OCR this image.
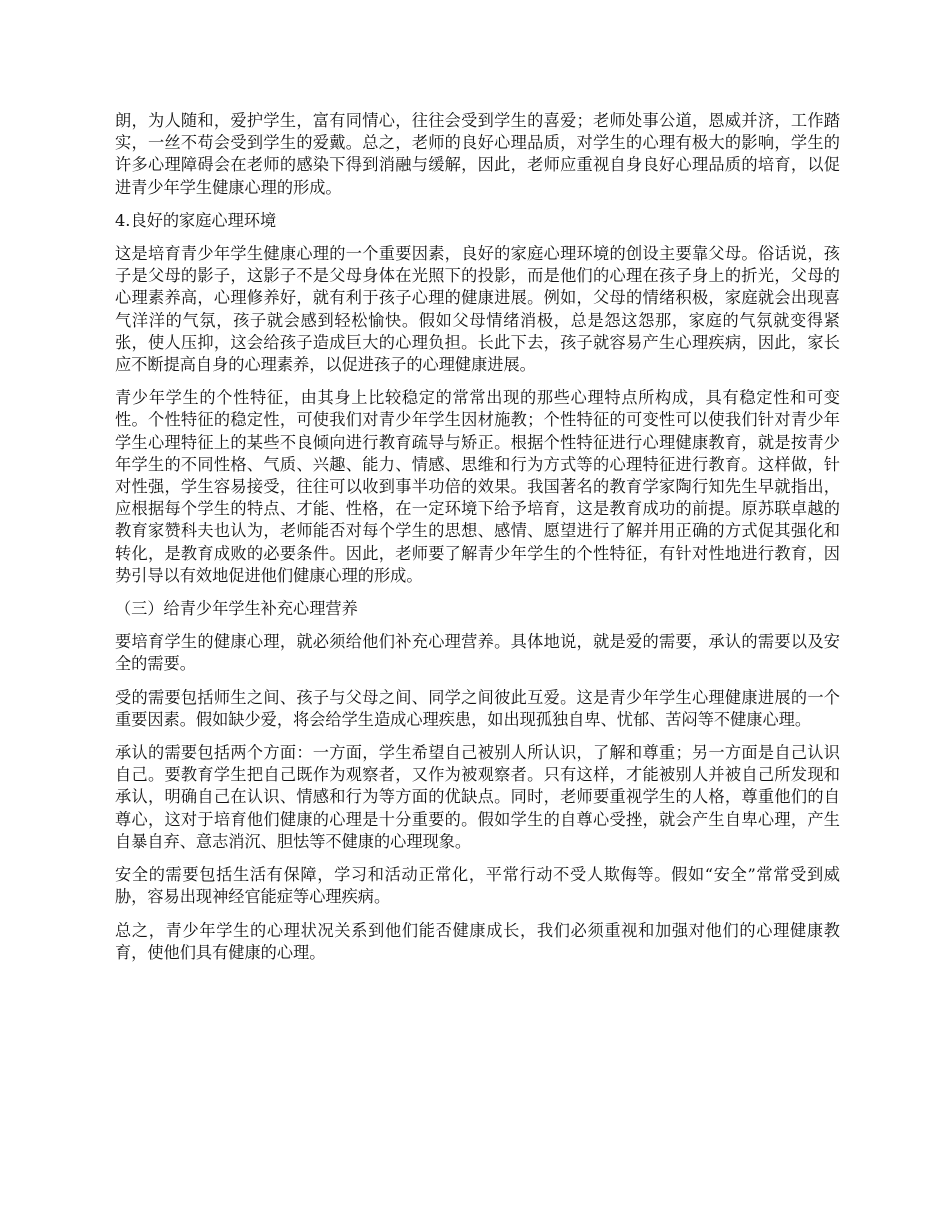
朗，为人随和，爱护学生，富有同情心，往往会受到学生的喜爱；老师处事公道，恩威并济，工作踏实，一丝不苟会受到学生的爱戴。总之，老师的良好心理品质，对学生的心理有极大的影响，学生的许多心理障碍会在老师的感染下得到消融与缓解，因此，老师应重视自身良好心理品质的培育，以促进青少年学生健康心理的形成。

4.良好的家庭心理环境

这是培育青少年学生健康心理的一个重要因素，良好的家庭心理环境的创设主要靠父母。俗话说，孩子是父母的影子，这影子不是父母身体在光照下的投影，而是他们的心理在孩子身上的折光，父母的心理素养高，心理修养好，就有利于孩子心理的健康进展。例如，父母的情绪积极，家庭就会出现喜气洋洋的气氛，孩子就会感到轻松愉快。假如父母情绪消极，总是怨这怨那，家庭的气氛就变得紧张，使人压抑，这会给孩子造成巨大的心理负担。长此下去，孩子就容易产生心理疾病，因此，家长应不断提高自身的心理素养，以促进孩子的心理健康进展。

青少年学生的个性特征，由其身上比较稳定的常常出现的那些心理特点所构成，具有稳定性和可变性。个性特征的稳定性，可使我们对青少年学生因材施教；个性特征的可变性可以使我们针对青少年学生心理特征上的某些不良倾向进行教育疏导与矫正。根据个性特征进行心理健康教育，就是按青少年学生的不同性格、气质、兴趣、能力、情感、思维和行为方式等的心理特征进行教育。这样做，针对性强，学生容易接受，往往可以收到事半功倍的效果。我国著名的教育学家陶行知先生早就指出，应根据每个学生的特点、才能、性格，在一定环境下给予培育，这是教育成功的前提。原苏联卓越的教育家赞科夫也认为，老师能否对每个学生的思想、感情、愿望进行了解并用正确的方式促其强化和转化，是教育成败的必要条件。因此，老师要了解青少年学生的个性特征，有针对性地进行教育，因势引导以有效地促进他们健康心理的形成。

（三）给青少年学生补充心理营养

要培育学生的健康心理，就必须给他们补充心理营养。具体地说，就是爱的需要，承认的需要以及安全的需要。

受的需要包括师生之间、孩子与父母之间、同学之间彼此互爱。这是青少年学生心理健康进展的一个重要因素。假如缺少爱，将会给学生造成心理疾患，如出现孤独自卑、忧郁、苦闷等不健康心理。

承认的需要包括两个方面：一方面，学生希望自己被别人所认识，了解和尊重；另一方面是自己认识自己。要教育学生把自己既作为观察者，又作为被观察者。只有这样，才能被别人并被自己所发现和承认，明确自己在认识、情感和行为等方面的优缺点。同时，老师要重视学生的人格，尊重他们的自尊心，这对于培育他们健康的心理是十分重要的。假如学生的自尊心受挫，就会产生自卑心理，产生自暴自弃、意志消沉、胆怯等不健康的心理现象。

安全的需要包括生活有保障，学习和活动正常化，平常行动不受人欺侮等。假如“安全”常常受到威胁，容易出现神经官能症等心理疾病。

总之，青少年学生的心理状况关系到他们能否健康成长，我们必须重视和加强对他们的心理健康教育，使他们具有健康的心理。
